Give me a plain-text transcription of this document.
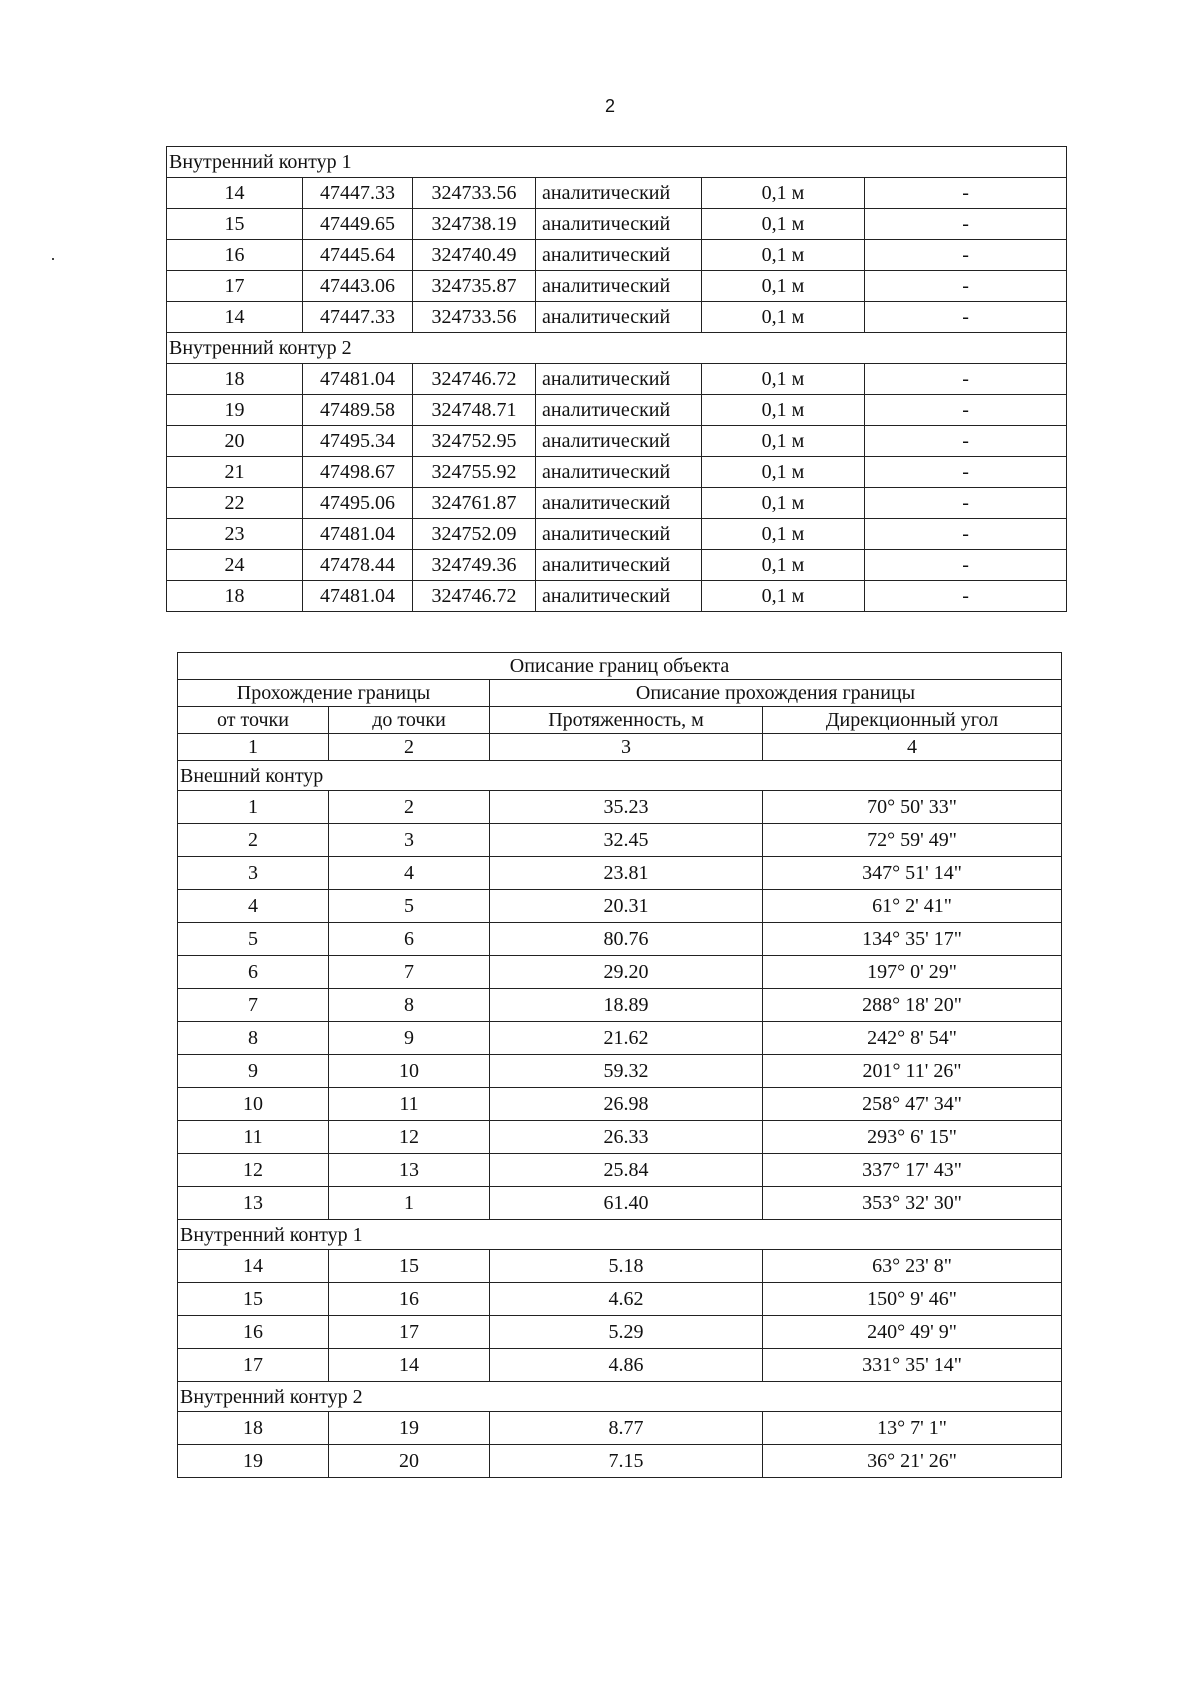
2
Внутренний контур 1					
14	47447.33	324733.56	аналитический	0,1 м	-
15	47449.65	324738.19	аналитический	0,1 м	-
16	47445.64	324740.49	аналитический	0,1 м	-
17	47443.06	324735.87	аналитический	0,1 м	-
14	47447.33	324733.56	аналитический	0,1 м	-
Внутренний контур 2					
18	47481.04	324746.72	аналитический	0,1 м	-
19	47489.58	324748.71	аналитический	0,1 м	-
20	47495.34	324752.95	аналитический	0,1 м	-
21	47498.67	324755.92	аналитический	0,1 м	-
22	47495.06	324761.87	аналитический	0,1 м	-
23	47481.04	324752.09	аналитический	0,1 м	-
24	47478.44	324749.36	аналитический	0,1 м	-
18	47481.04	324746.72	аналитический	0,1 м	-
Описание границ объекта			
Прохождение границы		Описание прохождения границы	
от точки	до точки	Протяженность, м	Дирекционный угол
1	2	3	4
Внешний контур			
1	2	35.23	70° 50' 33"
2	3	32.45	72° 59' 49"
3	4	23.81	347° 51' 14"
4	5	20.31	61° 2' 41"
5	6	80.76	134° 35' 17"
6	7	29.20	197° 0' 29"
7	8	18.89	288° 18' 20"
8	9	21.62	242° 8' 54"
9	10	59.32	201° 11' 26"
10	11	26.98	258° 47' 34"
11	12	26.33	293° 6' 15"
12	13	25.84	337° 17' 43"
13	1	61.40	353° 32' 30"
Внутренний контур 1			
14	15	5.18	63° 23' 8"
15	16	4.62	150° 9' 46"
16	17	5.29	240° 49' 9"
17	14	4.86	331° 35' 14"
Внутренний контур 2			
18	19	8.77	13° 7' 1"
19	20	7.15	36° 21' 26"
